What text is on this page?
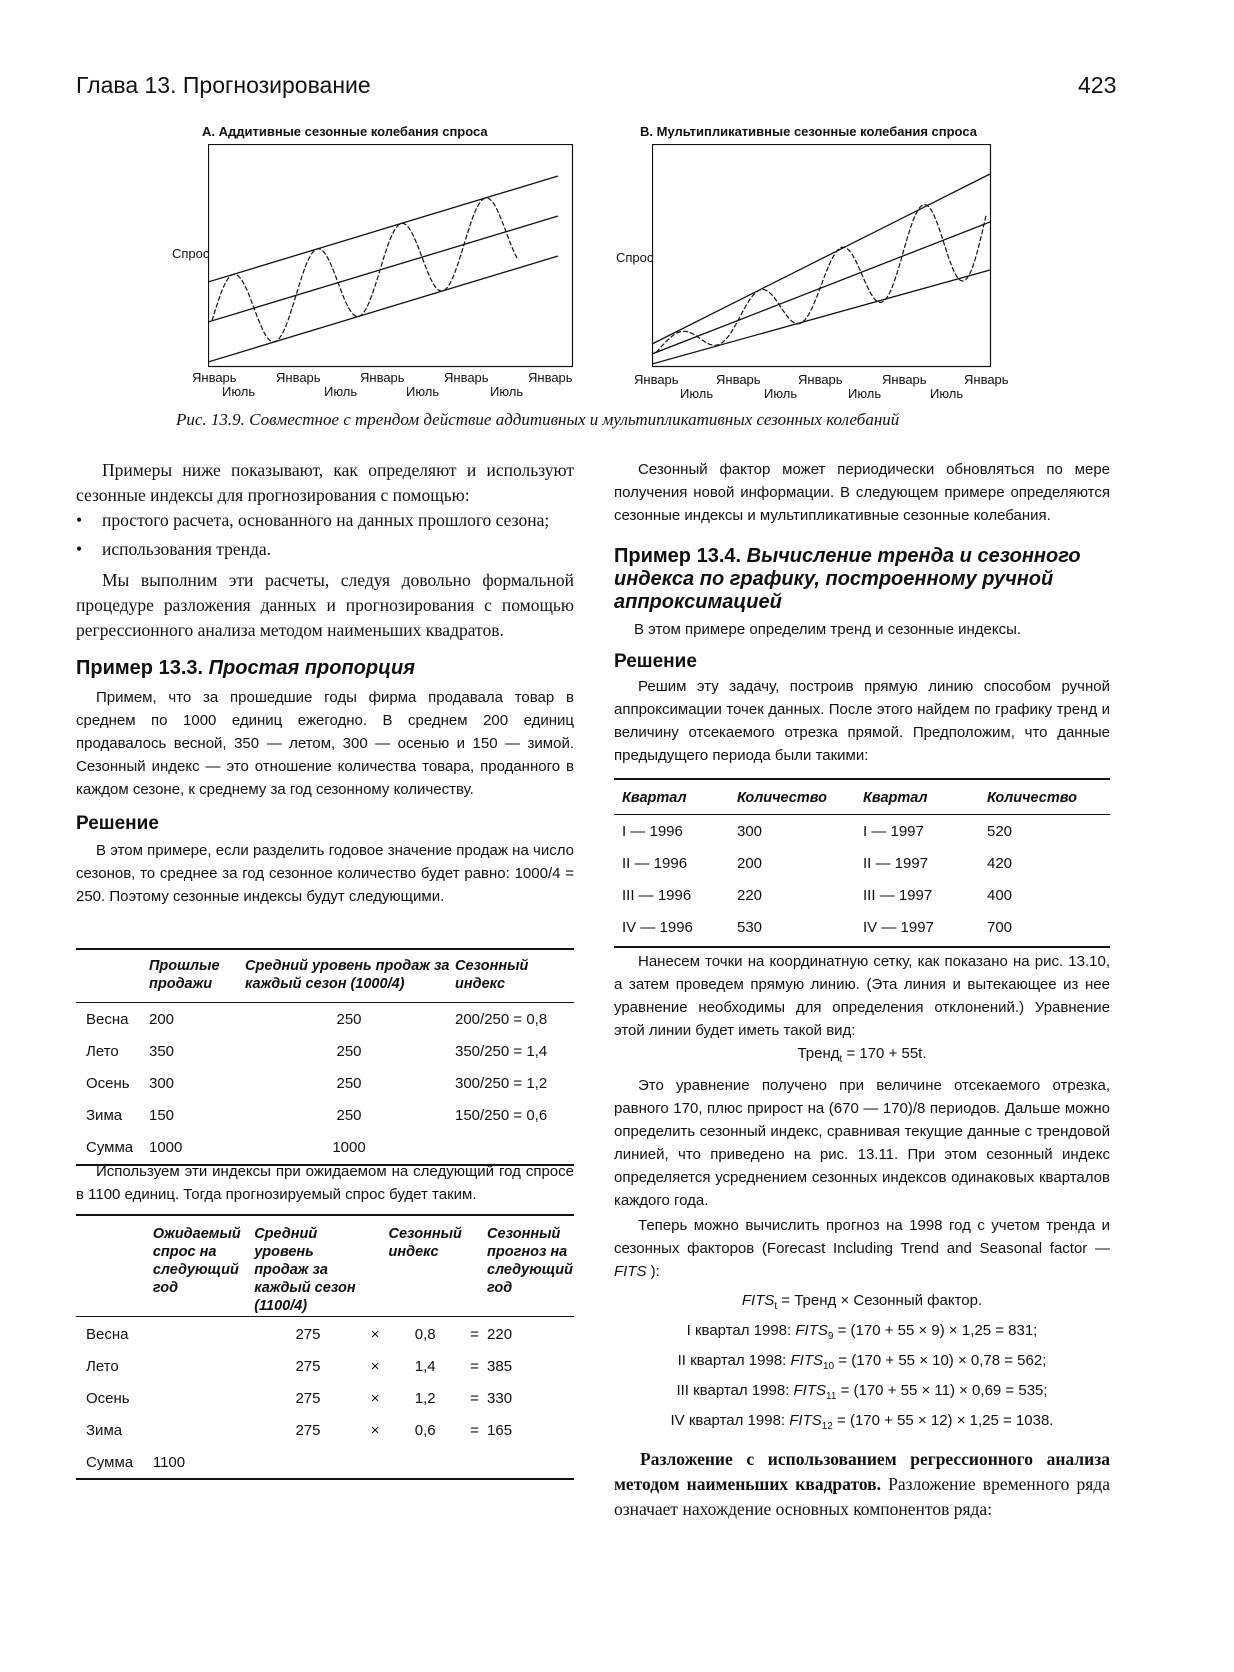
Глава 13. Прогнозирование	423
А. Аддитивные сезонные колебания спроса
Спрос
Январь	Январь	Январь	Январь	Январь
Июль	Июль	Июль	Июль
В. Мультипликативные сезонные колебания спроса
Спрос
Январь	Январь	Январь	Январь	Январь
Июль	Июль	Июль	Июль
Рис. 13.9. Совместное с трендом действие аддитивных и мультипликативных сезонных колебаний
Примеры ниже показывают, как определяют и используют сезонные индексы для прогнозирования с помощью:
•	простого расчета, основанного на данных прошлого сезона;
•	использования тренда.
Мы выполним эти расчеты, следуя довольно формальной процедуре разложения данных и прогнозирования с помощью регрессионного анализа методом наименьших квадратов.
Пример 13.3. Простая пропорция
Примем, что за прошедшие годы фирма продавала товар в среднем по 1000 единиц ежегодно. В среднем 200 единиц продавалось весной, 350 — летом, 300 — осенью и 150 — зимой. Сезонный индекс — это отношение количества товара, проданного в каждом сезоне, к среднему за год сезонному количеству.
Решение
В этом примере, если разделить годовое значение продаж на число сезонов, то среднее за год сезонное количество будет равно: 1000/4 = 250. Поэтому сезонные индексы будут следующими.
	Прошлые продажи	Средний уровень продаж за каждый сезон (1000/4)	Сезонный индекс

Весна	200	250	200/250 = 0,8
Лето	350	250	350/250 = 1,4
Осень	300	250	300/250 = 1,2
Зима	150	250	150/250 = 0,6
Сумма	1000	1000	
Используем эти индексы при ожидаемом на следующий год спросе в 1100 единиц. Тогда прогнозируемый спрос будет таким.
	Ожидаемый спрос на следующий год	Средний уровень продаж за каждый сезон (1100/4)		Сезонный индекс		Сезонный прогноз на следующий год

Весна		275	×	0,8	=	220
Лето		275	×	1,4	=	385
Осень		275	×	1,2	=	330
Зима		275	×	0,6	=	165
Сумма	1100					
Сезонный фактор может периодически обновляться по мере получения новой информации. В следующем примере определяются сезонные индексы и мультипликативные сезонные колебания.
Пример 13.4. Вычисление тренда и сезонного индекса по графику, построенному ручной аппроксимацией
В этом примере определим тренд и сезонные индексы.
Решение
Решим эту задачу, построив прямую линию способом ручной аппроксимации точек данных. После этого найдем по графику тренд и величину отсекаемого отрезка прямой. Предположим, что данные предыдущего периода были такими:
Квартал	Количество	Квартал	Количество

I — 1996	300	I — 1997	520
II — 1996	200	II — 1997	420
III — 1996	220	III — 1997	400
IV — 1996	530	IV — 1997	700
Нанесем точки на координатную сетку, как показано на рис. 13.10, а затем проведем прямую линию. (Эта линия и вытекающее из нее уравнение необходимы для определения отклонений.) Уравнение этой линии будет иметь такой вид:
Тренд$_t$ = 170 + 55t.
Это уравнение получено при величине отсекаемого отрезка, равного 170, плюс прирост на (670 — 170)/8 периодов. Дальше можно определить сезонный индекс, сравнивая текущие данные с трендовой линией, что приведено на рис. 13.11. При этом сезонный индекс определяется усреднением сезонных индексов одинаковых кварталов каждого года.
Теперь можно вычислить прогноз на 1998 год с учетом тренда и сезонных факторов (Forecast Including Trend and Seasonal factor — FITS ):
$FITS_t$ = Тренд × Сезонный фактор.
I квартал 1998: $FITS_9 = (170 + 55 \times 9) \times 1,25 = 831$;
II квартал 1998: $FITS_{10} = (170 + 55 \times 10) \times 0,78 = 562$;
III квартал 1998: $FITS_{11} = (170 + 55 \times 11) \times 0,69 = 535$;
IV квартал 1998: $FITS_{12} = (170 + 55 \times 12) \times 1,25 = 1038$.
Разложение с использованием регрессионного анализа методом наименьших квадратов. Разложение временного ряда означает нахождение основных компонентов ряда:
